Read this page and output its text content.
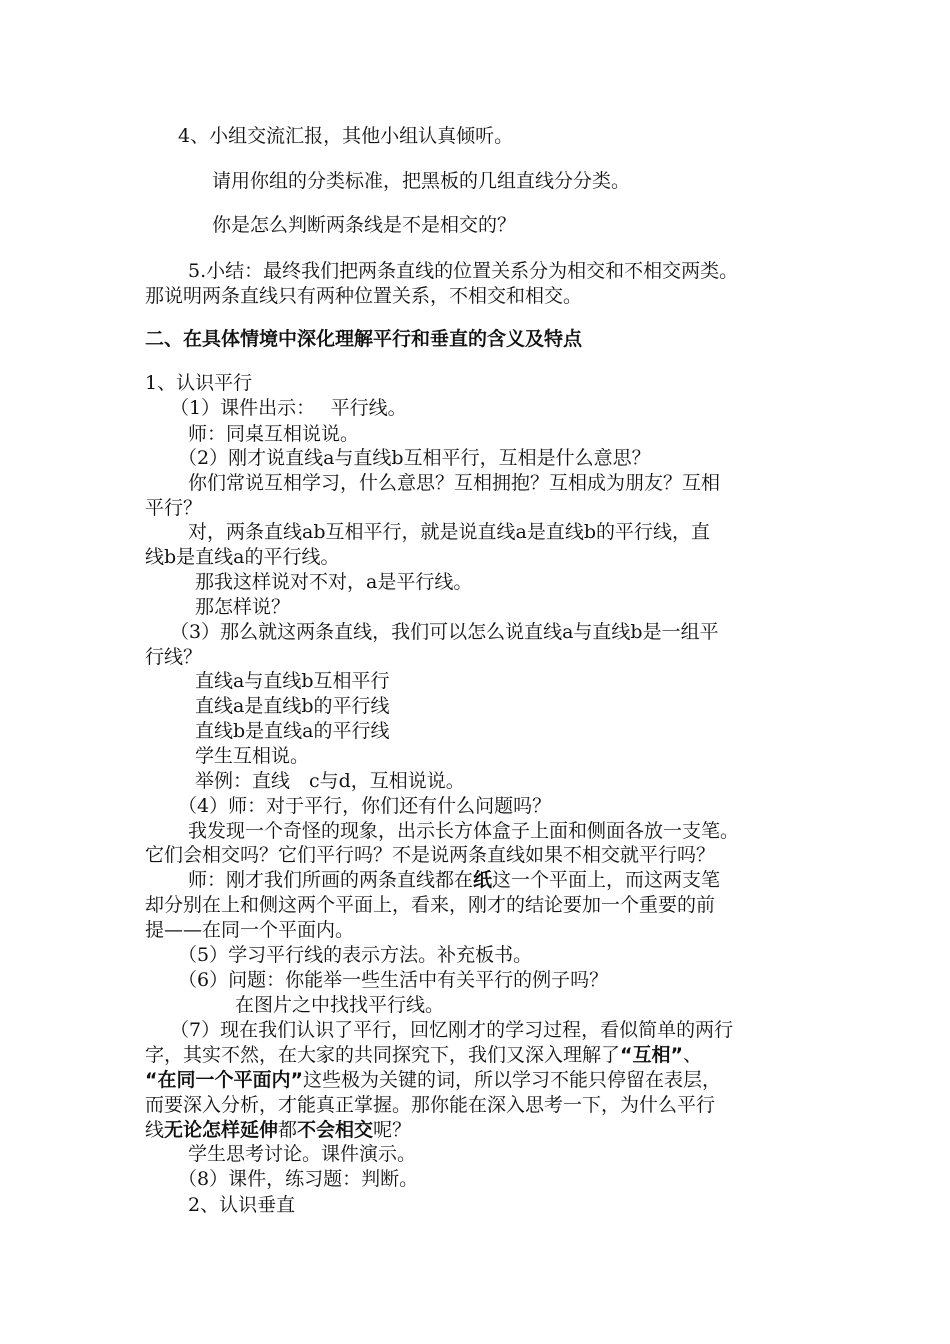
4、小组交流汇报，其他小组认真倾听。
请用你组的分类标准，把黑板的几组直线分分类。
你是怎么判断两条线是不是相交的？
5.小结：最终我们把两条直线的位置关系分为相交和不相交两类。
那说明两条直线只有两种位置关系，不相交和相交。
二、在具体情境中深化理解平行和垂直的含义及特点
1、认识平行
（1）课件出示：　 平行线。
师：同桌互相说说。
（2）刚才说直线a与直线b互相平行，互相是什么意思？
你们常说互相学习，什么意思？互相拥抱？互相成为朋友？互相
平行？
对，两条直线ab互相平行，就是说直线a是直线b的平行线，直
线b是直线a的平行线。
那我这样说对不对，a是平行线。
那怎样说？
（3）那么就这两条直线，我们可以怎么说直线a与直线b是一组平
行线？
直线a与直线b互相平行
直线a是直线b的平行线
直线b是直线a的平行线
学生互相说。
举例：直线　c与d，互相说说。
（4）师：对于平行，你们还有什么问题吗？
我发现一个奇怪的现象，出示长方体盒子上面和侧面各放一支笔。
它们会相交吗？它们平行吗？不是说两条直线如果不相交就平行吗？
师：刚才我们所画的两条直线都在纸这一个平面上，而这两支笔
却分别在上和侧这两个平面上，看来，刚才的结论要加一个重要的前
提——在同一个平面内。
（5）学习平行线的表示方法。补充板书。
（6）问题：你能举一些生活中有关平行的例子吗？
在图片之中找找平行线。
（7）现在我们认识了平行，回忆刚才的学习过程，看似简单的两行
字，其实不然，在大家的共同探究下，我们又深入理解了“互相”、
“在同一个平面内”这些极为关键的词，所以学习不能只停留在表层，
而要深入分析，才能真正掌握。那你能在深入思考一下，为什么平行
线无论怎样延伸都不会相交呢？
学生思考讨论。课件演示。
（8）课件，练习题：判断。
2、认识垂直
